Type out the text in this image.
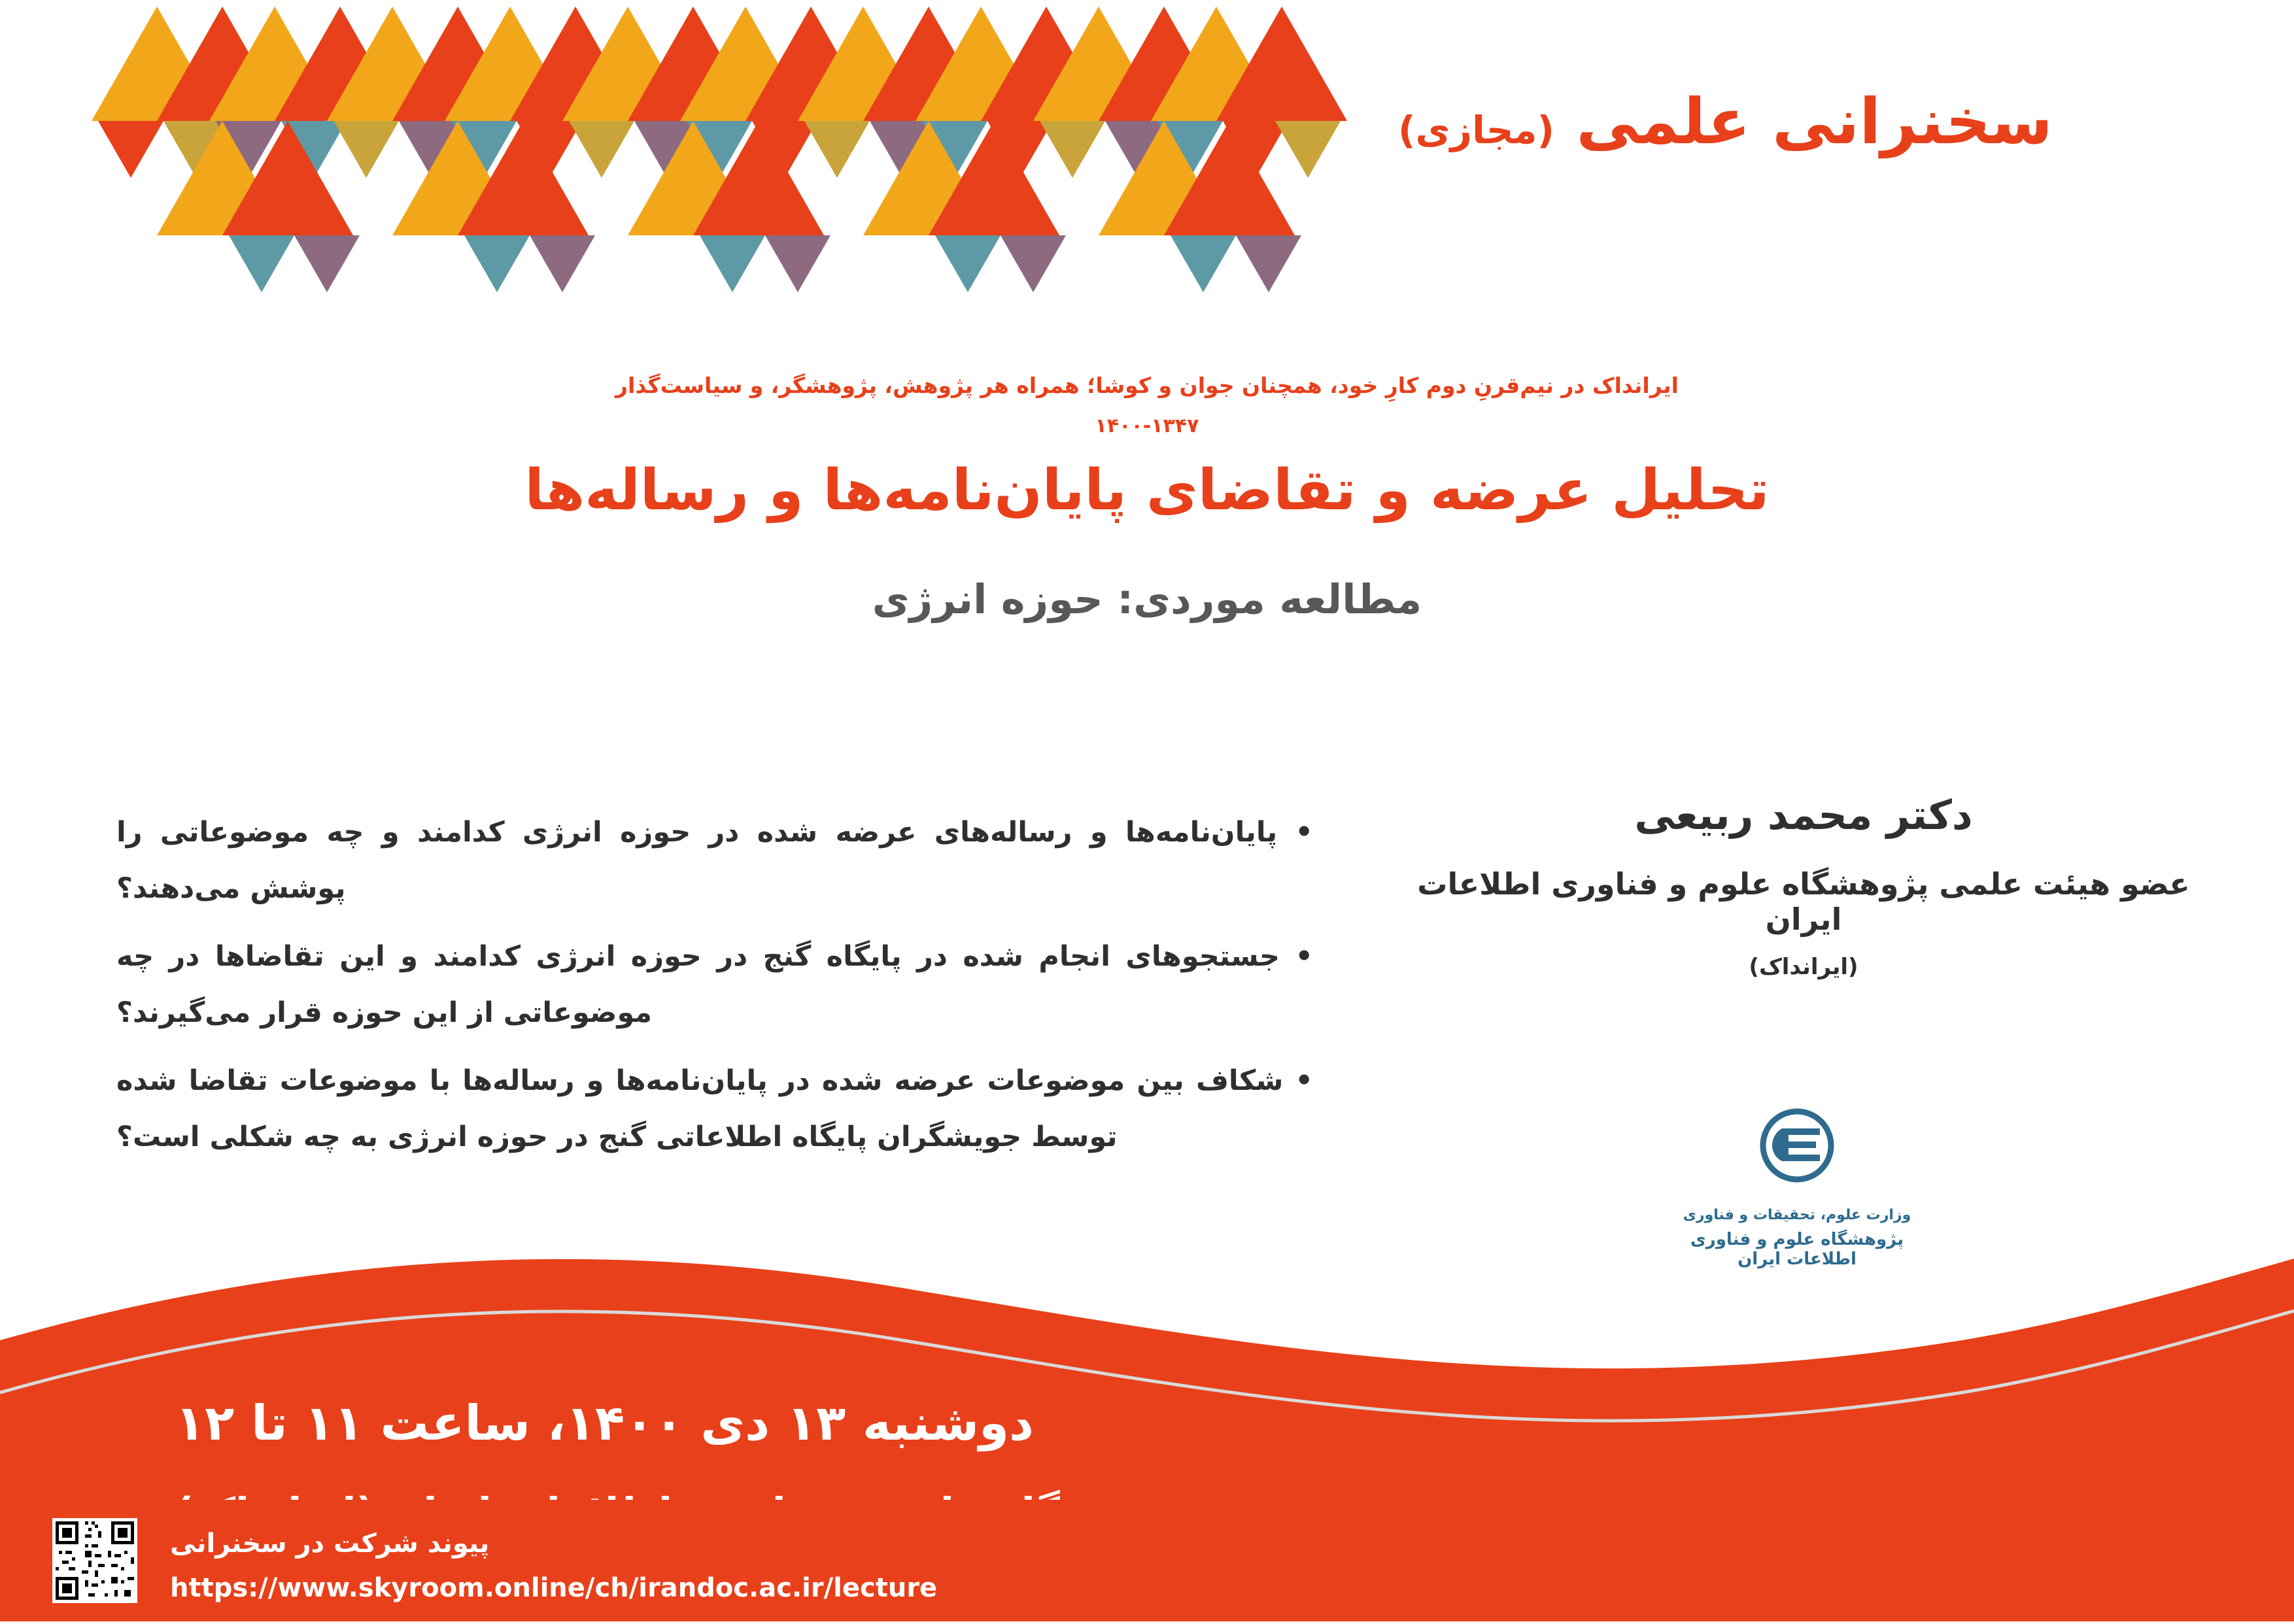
سخنرانی علمی (مجازی)
ایرانداک در نیم‌قرنِ دوم کارِ خود، همچنان جوان و کوشا؛ همراه هر پژوهش، پژوهشگر، و سیاست‌گذار
۱۴۰۰-۱۳۴۷
تحلیل عرضه و تقاضای پایان‌نامه‌ها و رساله‌ها
مطالعه موردی: حوزه انرژی
دکتر محمد ربیعی
عضو هیئت علمی پژوهشگاه علوم و فناوری اطلاعات ایران
(ایرانداک)
وزارت علوم، تحقیقات و فناوری
پژوهشگاه علوم و فناوری اطلاعات ایران

• پایان‌نامه‌ها و رساله‌های عرضه شده در حوزه انرژی کدامند و چه موضوعاتی را پوشش می‌دهند؟

• جستجوهای انجام شده در پایگاه گنج در حوزه انرژی کدامند و این تقاضاها در چه موضوعاتی از این حوزه قرار می‌گیرند؟

• شکاف بین موضوعات عرضه شده در پایان‌نامه‌ها و رساله‌ها با موضوعات تقاضا شده توسط جویشگران پایگاه اطلاعاتی گنج در حوزه انرژی به چه شکلی است؟

دوشنبه ۱۳ دی ۱۴۰۰، ساعت ۱۱ تا ۱۲
پیوند شرکت در سخنرانی
https://www.skyroom.online/ch/irandoc.ac.ir/lecture
